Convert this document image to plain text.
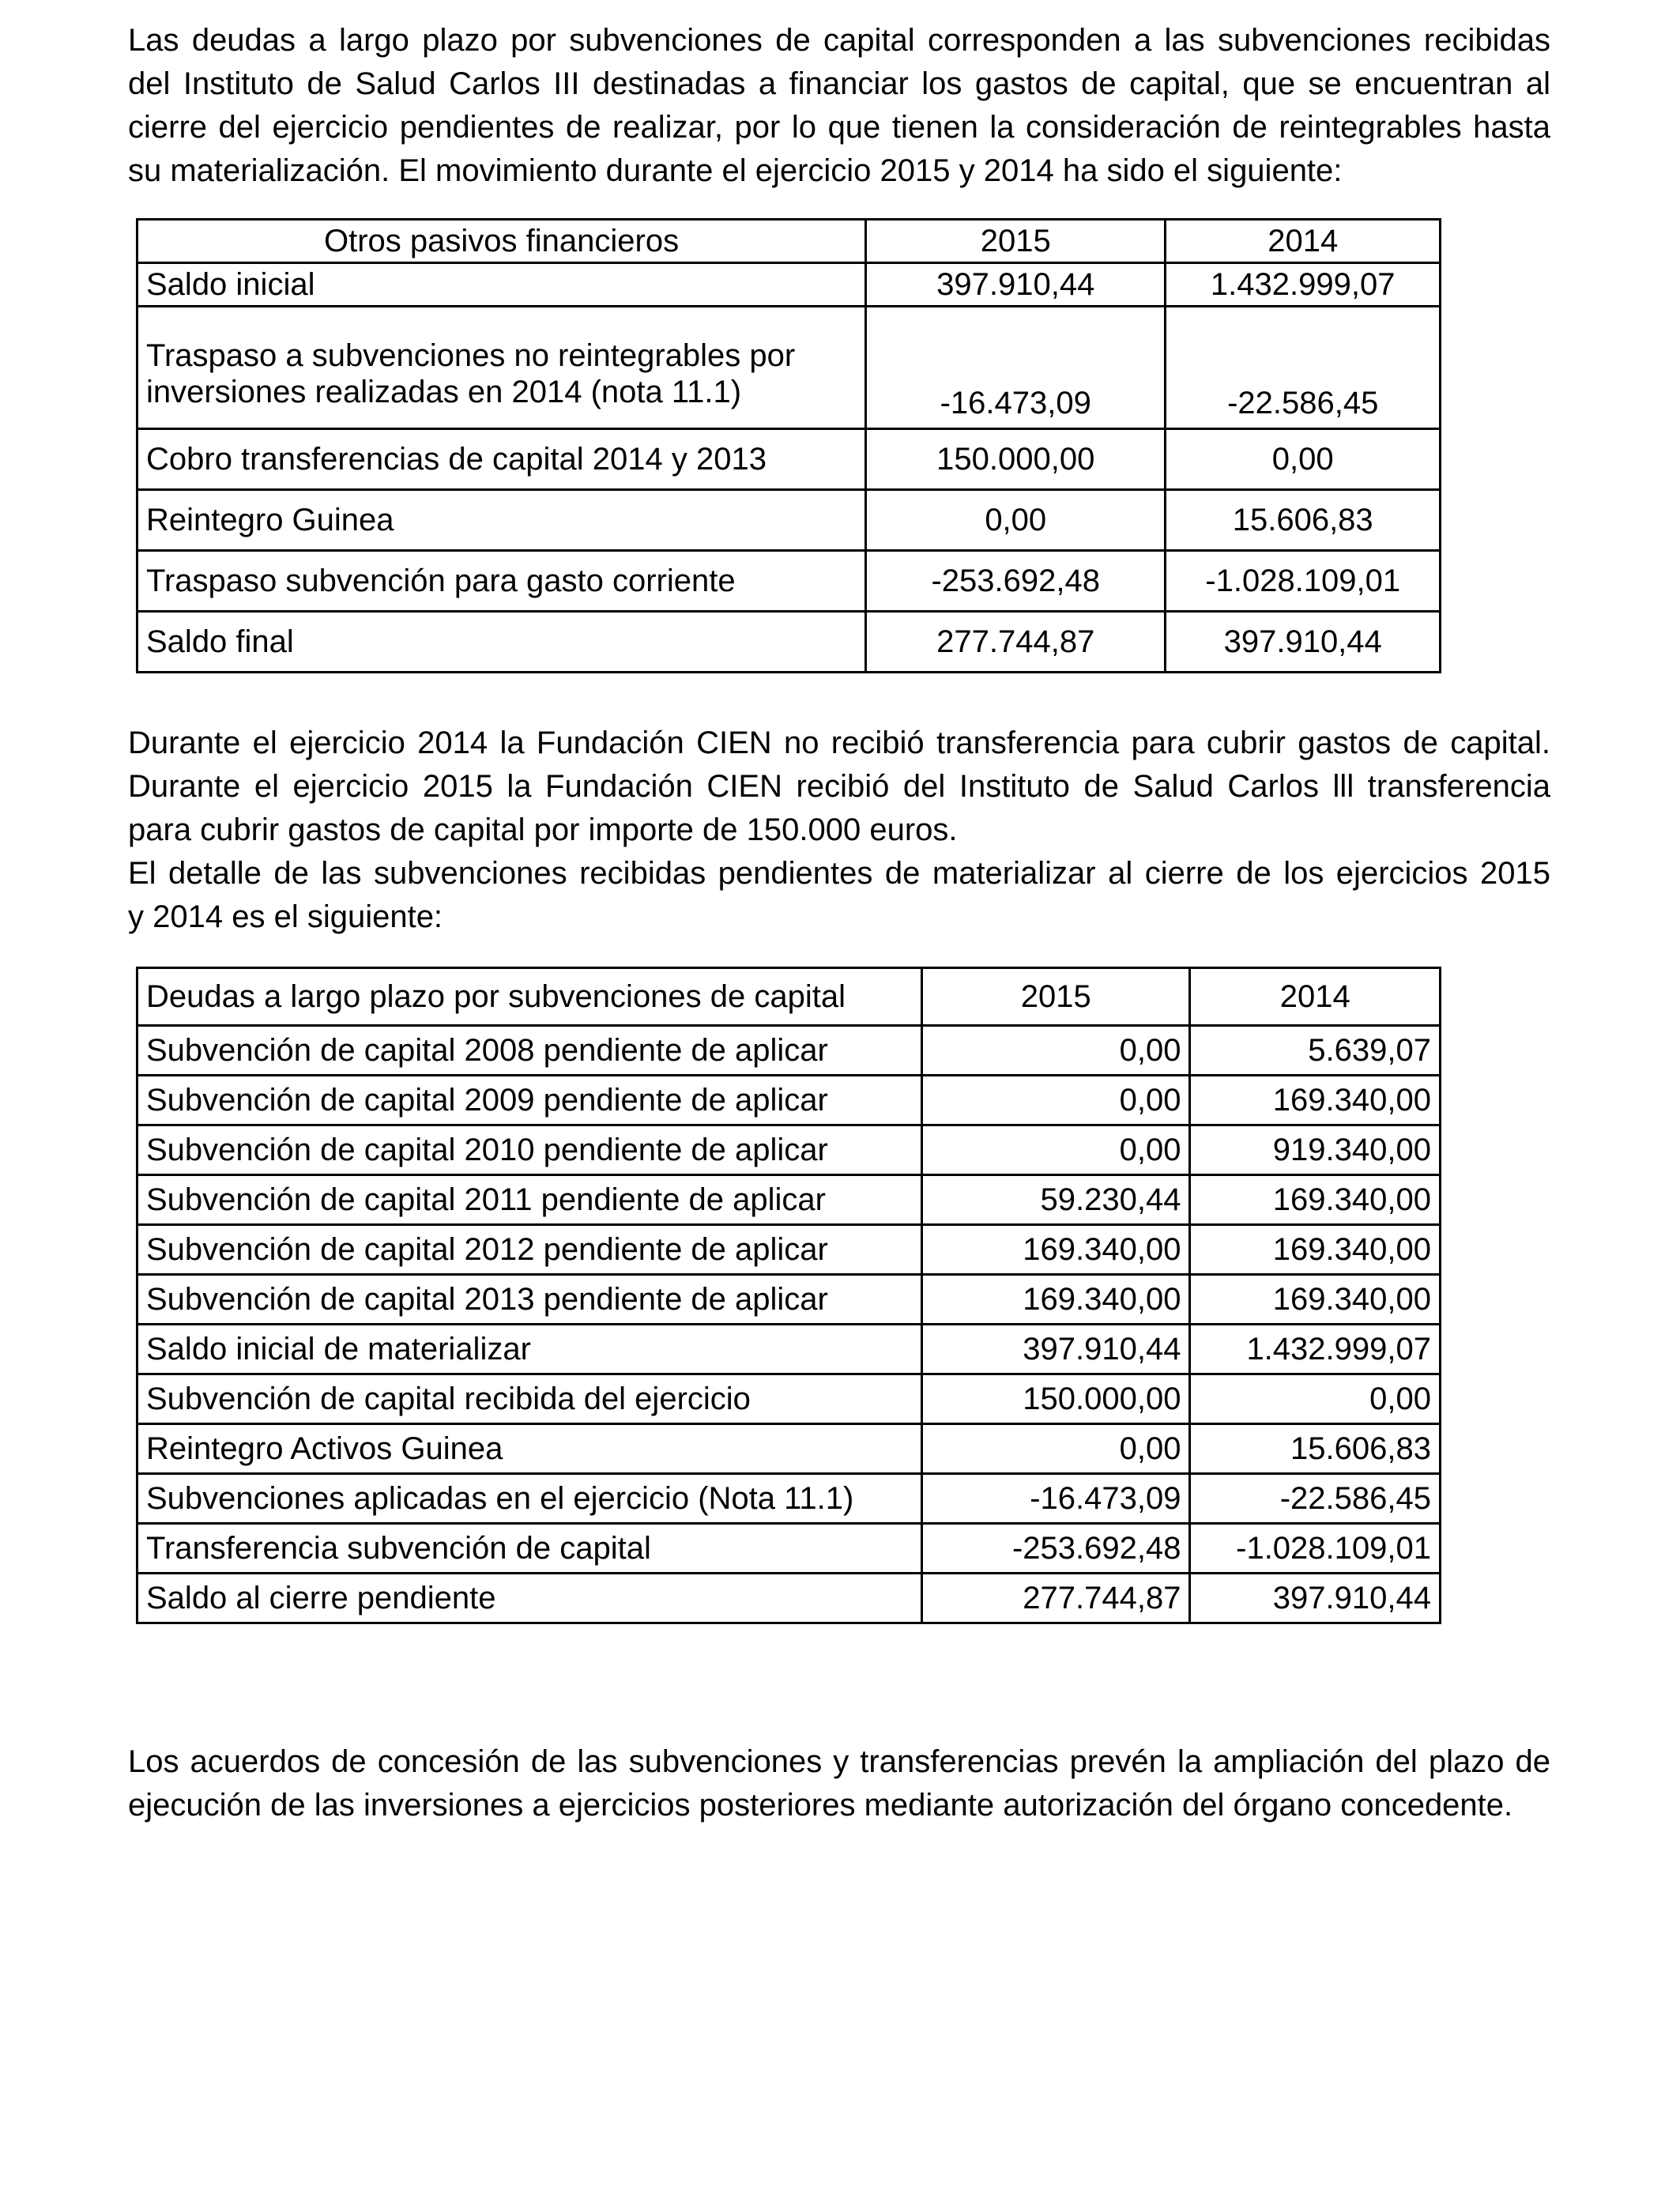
Las deudas a largo plazo por subvenciones de capital corresponden a las subvenciones recibidas
del Instituto de Salud Carlos III destinadas a financiar los gastos de capital, que se encuentran al
cierre del ejercicio pendientes de realizar, por lo que tienen la consideración de reintegrables hasta
su materialización. El movimiento durante el ejercicio 2015 y 2014 ha sido el siguiente:
Otros pasivos financieros	2015	2014
Saldo inicial	397.910,44	1.432.999,07
Traspaso a subvenciones no reintegrables por inversiones realizadas en 2014 (nota 11.1)	-16.473,09	-22.586,45
Cobro transferencias de capital 2014 y 2013	150.000,00	0,00
Reintegro Guinea	0,00	15.606,83
Traspaso subvención para gasto corriente	-253.692,48	-1.028.109,01
Saldo final	277.744,87	397.910,44
Durante el ejercicio 2014 la Fundación CIEN no recibió transferencia para cubrir gastos de capital.
Durante el ejercicio 2015 la Fundación CIEN recibió del Instituto de Salud Carlos lll transferencia
para cubrir gastos de capital por importe de 150.000 euros.
El detalle de las subvenciones recibidas pendientes de materializar al cierre de los ejercicios 2015
y 2014 es el siguiente:
Deudas a largo plazo por subvenciones de capital	2015	2014
Subvención de capital 2008 pendiente de aplicar	0,00	5.639,07
Subvención de capital 2009 pendiente de aplicar	0,00	169.340,00
Subvención de capital 2010 pendiente de aplicar	0,00	919.340,00
Subvención de capital 2011 pendiente de aplicar	59.230,44	169.340,00
Subvención de capital 2012 pendiente de aplicar	169.340,00	169.340,00
Subvención de capital 2013 pendiente de aplicar	169.340,00	169.340,00
Saldo inicial de materializar	397.910,44	1.432.999,07
Subvención de capital recibida del ejercicio	150.000,00	0,00
Reintegro Activos Guinea	0,00	15.606,83
Subvenciones aplicadas en el ejercicio (Nota 11.1)	-16.473,09	-22.586,45
Transferencia subvención de capital	-253.692,48	-1.028.109,01
Saldo al cierre pendiente	277.744,87	397.910,44
Los acuerdos de concesión de las subvenciones y transferencias prevén la ampliación del plazo de
ejecución de las inversiones a ejercicios posteriores mediante autorización del órgano concedente.
